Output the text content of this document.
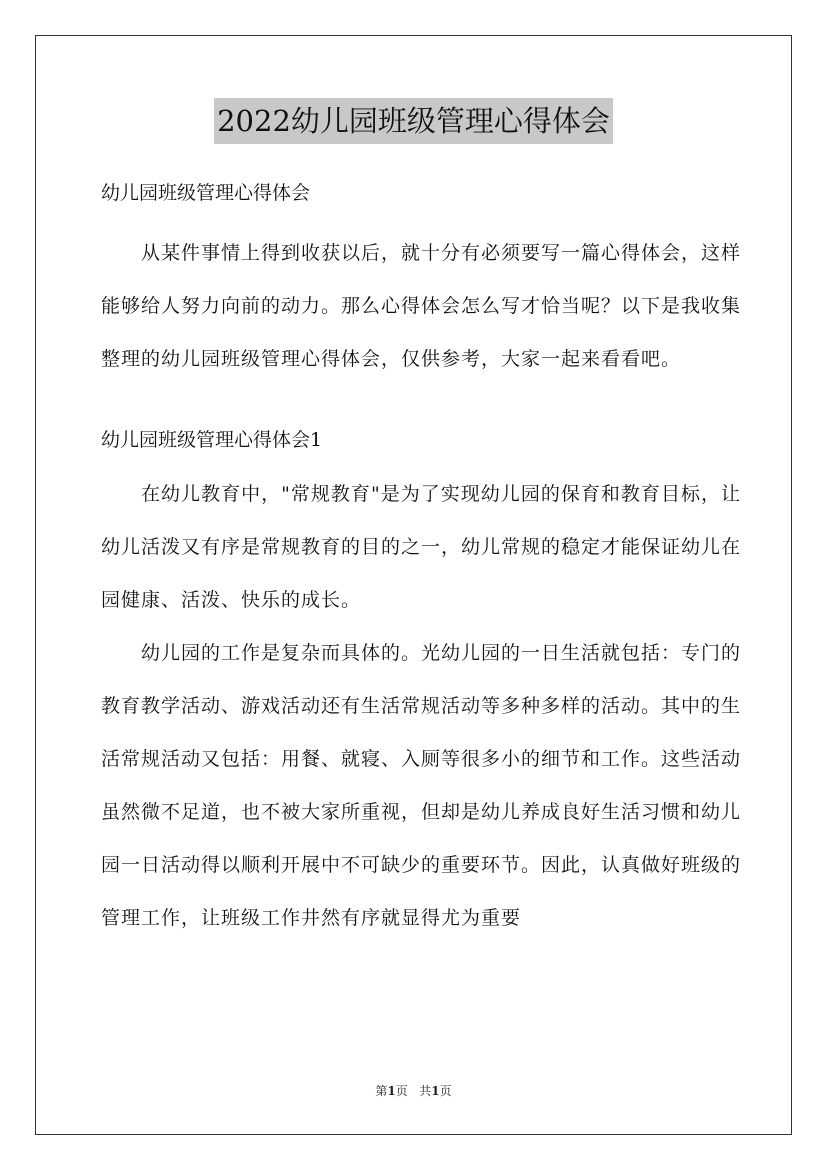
2022幼儿园班级管理心得体会

幼儿园班级管理心得体会

从某件事情上得到收获以后，就十分有必须要写一篇心得体会，这样能够给人努力向前的动力。那么心得体会怎么写才恰当呢？以下是我收集整理的幼儿园班级管理心得体会，仅供参考，大家一起来看看吧。

幼儿园班级管理心得体会1

在幼儿教育中，"常规教育"是为了实现幼儿园的保育和教育目标，让幼儿活泼又有序是常规教育的目的之一，幼儿常规的稳定才能保证幼儿在园健康、活泼、快乐的成长。

幼儿园的工作是复杂而具体的。光幼儿园的一日生活就包括：专门的教育教学活动、游戏活动还有生活常规活动等多种多样的活动。其中的生活常规活动又包括：用餐、就寝、入厕等很多小的细节和工作。这些活动虽然微不足道，也不被大家所重视，但却是幼儿养成良好生活习惯和幼儿园一日活动得以顺利开展中不可缺少的重要环节。因此，认真做好班级的管理工作，让班级工作井然有序就显得尤为重要

第1页   共1页
